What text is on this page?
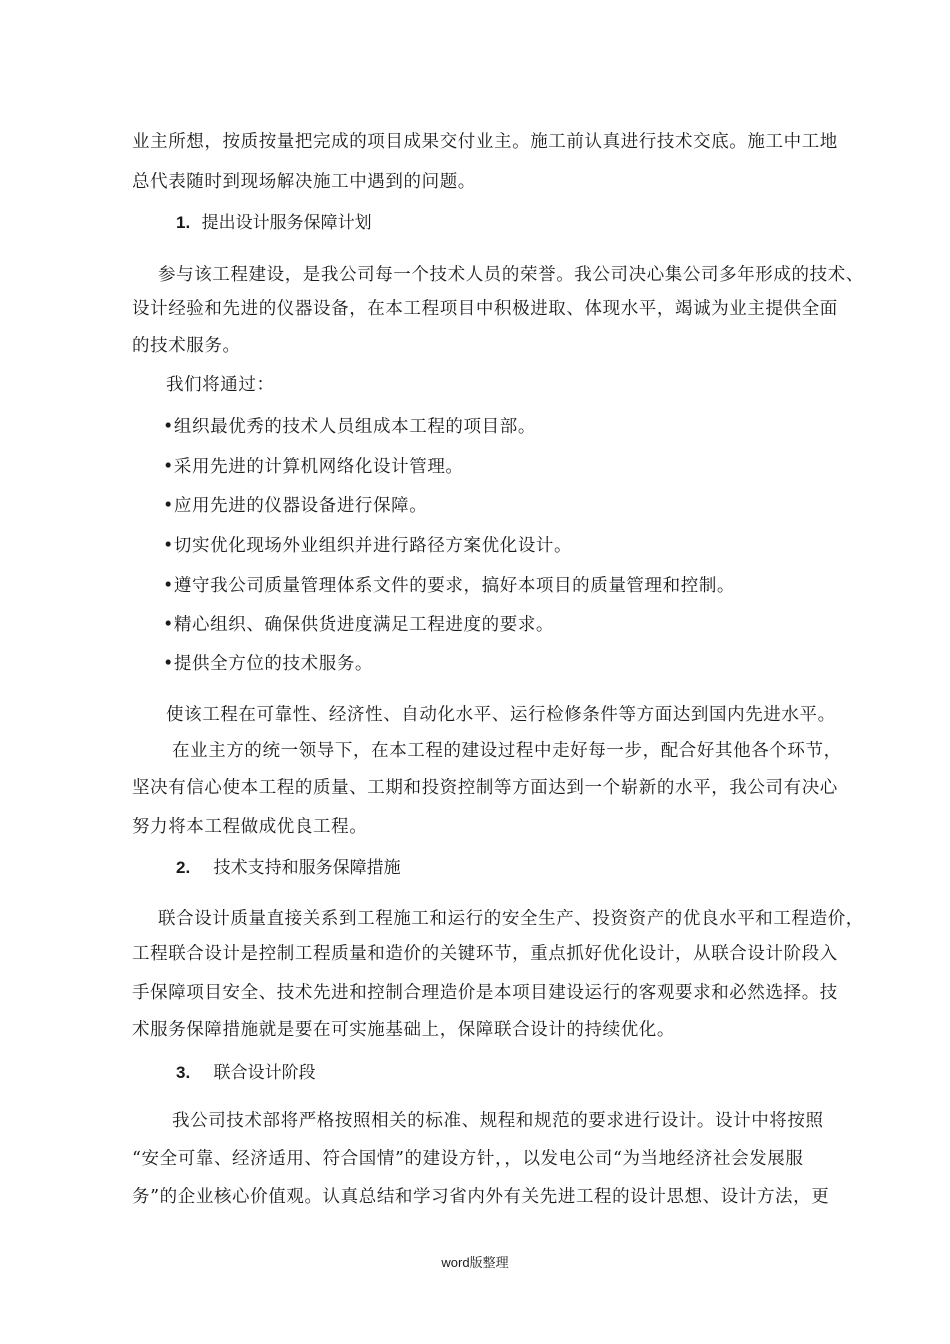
业主所想，按质按量把完成的项目成果交付业主。施工前认真进行技术交底。施工中工地
总代表随时到现场解决施工中遇到的问题。
1. 提出设计服务保障计划
参与该工程建设，是我公司每一个技术人员的荣誉。我公司决心集公司多年形成的技术、
设计经验和先进的仪器设备，在本工程项目中积极进取、体现水平，竭诚为业主提供全面
的技术服务。
我们将通过：
•组织最优秀的技术人员组成本工程的项目部。
•采用先进的计算机网络化设计管理。
•应用先进的仪器设备进行保障。
•切实优化现场外业组织并进行路径方案优化设计。
•遵守我公司质量管理体系文件的要求，搞好本项目的质量管理和控制。
•精心组织、确保供货进度满足工程进度的要求。
•提供全方位的技术服务。
使该工程在可靠性、经济性、自动化水平、运行检修条件等方面达到国内先进水平。
在业主方的统一领导下，在本工程的建设过程中走好每一步，配合好其他各个环节，
坚决有信心使本工程的质量、工期和投资控制等方面达到一个崭新的水平，我公司有决心
努力将本工程做成优良工程。
2. 技术支持和服务保障措施
联合设计质量直接关系到工程施工和运行的安全生产、投资资产的优良水平和工程造价，
工程联合设计是控制工程质量和造价的关键环节，重点抓好优化设计，从联合设计阶段入
手保障项目安全、技术先进和控制合理造价是本项目建设运行的客观要求和必然选择。技
术服务保障措施就是要在可实施基础上，保障联合设计的持续优化。
3. 联合设计阶段
我公司技术部将严格按照相关的标准、规程和规范的要求进行设计。设计中将按照
“安全可靠、经济适用、符合国情”的建设方针，，以发电公司“为当地经济社会发展服
务”的企业核心价值观。认真总结和学习省内外有关先进工程的设计思想、设计方法，更
word版整理
